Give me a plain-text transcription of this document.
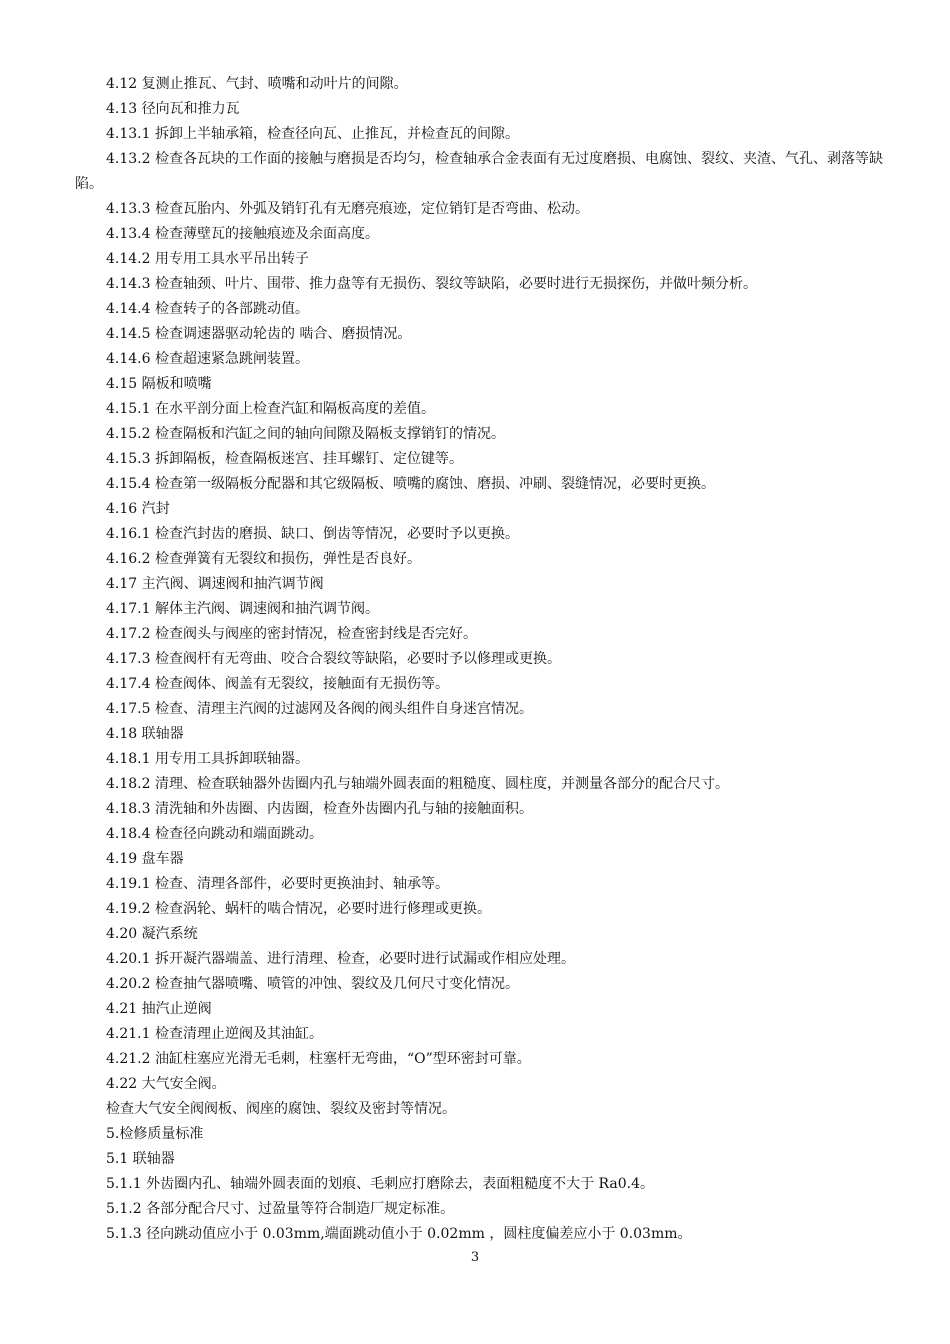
4.12 复测止推瓦、气封、喷嘴和动叶片的间隙。
4.13 径向瓦和推力瓦
4.13.1 拆卸上半轴承箱，检查径向瓦、止推瓦，并检查瓦的间隙。
4.13.2 检查各瓦块的工作面的接触与磨损是否均匀，检查轴承合金表面有无过度磨损、电腐蚀、裂纹、夹渣、气孔、剥落等缺陷。
4.13.3 检查瓦胎内、外弧及销钉孔有无磨亮痕迹，定位销钉是否弯曲、松动。
4.13.4 检查薄壁瓦的接触痕迹及余面高度。
4.14.2 用专用工具水平吊出转子
4.14.3 检查轴颈、叶片、围带、推力盘等有无损伤、裂纹等缺陷，必要时进行无损探伤，并做叶频分析。
4.14.4 检查转子的各部跳动值。
4.14.5 检查调速器驱动轮齿的 啮合、磨损情况。
4.14.6 检查超速紧急跳闸装置。
4.15 隔板和喷嘴
4.15.1 在水平剖分面上检查汽缸和隔板高度的差值。
4.15.2 检查隔板和汽缸之间的轴向间隙及隔板支撑销钉的情况。
4.15.3 拆卸隔板，检查隔板迷宫、挂耳螺钉、定位键等。
4.15.4 检查第一级隔板分配器和其它级隔板、喷嘴的腐蚀、磨损、冲刷、裂缝情况，必要时更换。
4.16 汽封
4.16.1 检查汽封齿的磨损、缺口、倒齿等情况，必要时予以更换。
4.16.2 检查弹簧有无裂纹和损伤，弹性是否良好。
4.17 主汽阀、调速阀和抽汽调节阀
4.17.1 解体主汽阀、调速阀和抽汽调节阀。
4.17.2 检查阀头与阀座的密封情况，检查密封线是否完好。
4.17.3 检查阀杆有无弯曲、咬合合裂纹等缺陷，必要时予以修理或更换。
4.17.4 检查阀体、阀盖有无裂纹，接触面有无损伤等。
4.17.5 检查、清理主汽阀的过滤网及各阀的阀头组件自身迷宫情况。
4.18 联轴器
4.18.1 用专用工具拆卸联轴器。
4.18.2 清理、检查联轴器外齿圈内孔与轴端外圆表面的粗糙度、圆柱度，并测量各部分的配合尺寸。
4.18.3 清洗轴和外齿圈、内齿圈，检查外齿圈内孔与轴的接触面积。
4.18.4 检查径向跳动和端面跳动。
4.19 盘车器
4.19.1 检查、清理各部件，必要时更换油封、轴承等。
4.19.2 检查涡轮、蜗杆的啮合情况，必要时进行修理或更换。
4.20 凝汽系统
4.20.1 拆开凝汽器端盖、进行清理、检查，必要时进行试漏或作相应处理。
4.20.2 检查抽气器喷嘴、喷管的冲蚀、裂纹及几何尺寸变化情况。
4.21 抽汽止逆阀
4.21.1 检查清理止逆阀及其油缸。
4.21.2 油缸柱塞应光滑无毛刺，柱塞杆无弯曲，“O”型环密封可靠。
4.22 大气安全阀。
检查大气安全阀阀板、阀座的腐蚀、裂纹及密封等情况。
5.检修质量标准
5.1 联轴器
5.1.1 外齿圈内孔、轴端外圆表面的划痕、毛刺应打磨除去，表面粗糙度不大于 Ra0.4。
5.1.2 各部分配合尺寸、过盈量等符合制造厂规定标准。
5.1.3 径向跳动值应小于 0.03mm,端面跳动值小于 0.02mm ，圆柱度偏差应小于 0.03mm。
3
